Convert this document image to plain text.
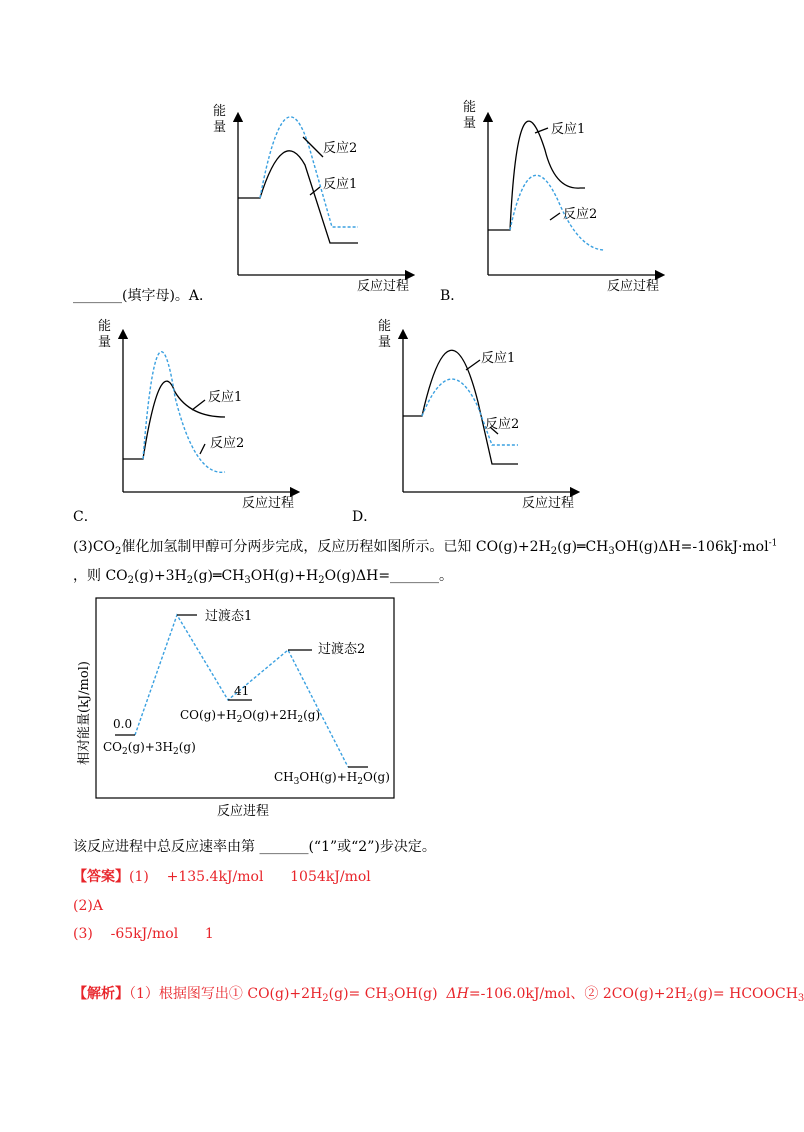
能
量
反应过程
反应2
反应1
能
量
反应过程
反应1
反应2
_______(填字母)。A．	B．
能
量
反应过程
反应1
反应2
能
量
反应过程
反应1
反应2
C．	D．
$(3)CO_2$催化加氢制甲醇可分两步完成，反应历程如图所示。已知 $CO(g)+2H_2(g)═CH_3OH(g)\Delta H=-106kJ\cdot mol^{-1}$
，则 $CO_2(g)+3H_2(g)═CH_3OH(g)+H_2O(g)\Delta H=\_\_\_\_\_\_\_$。
相对能量(kJ/mol)
反应进程
过渡态1
过渡态2
0.0
41
$CO_2(g)+3H_2(g)$
$CO(g)+H_2O(g)+2H_2(g)$
$CH_3OH(g)+H_2O(g)$
该反应进程中总反应速率由第 _______(“1”或“2”)步决定。
【答案】(1)    +135.4kJ/mol      1054kJ/mol
(2)A
(3)    -65kJ/mol      1
【解析】（1）根据图写出① $CO(g)+2H_2(g)= CH_3OH(g)$  ΔH=-106.0kJ/mol、② $2CO(g)+2H_2(g)=$ $HCOOCH_3$
